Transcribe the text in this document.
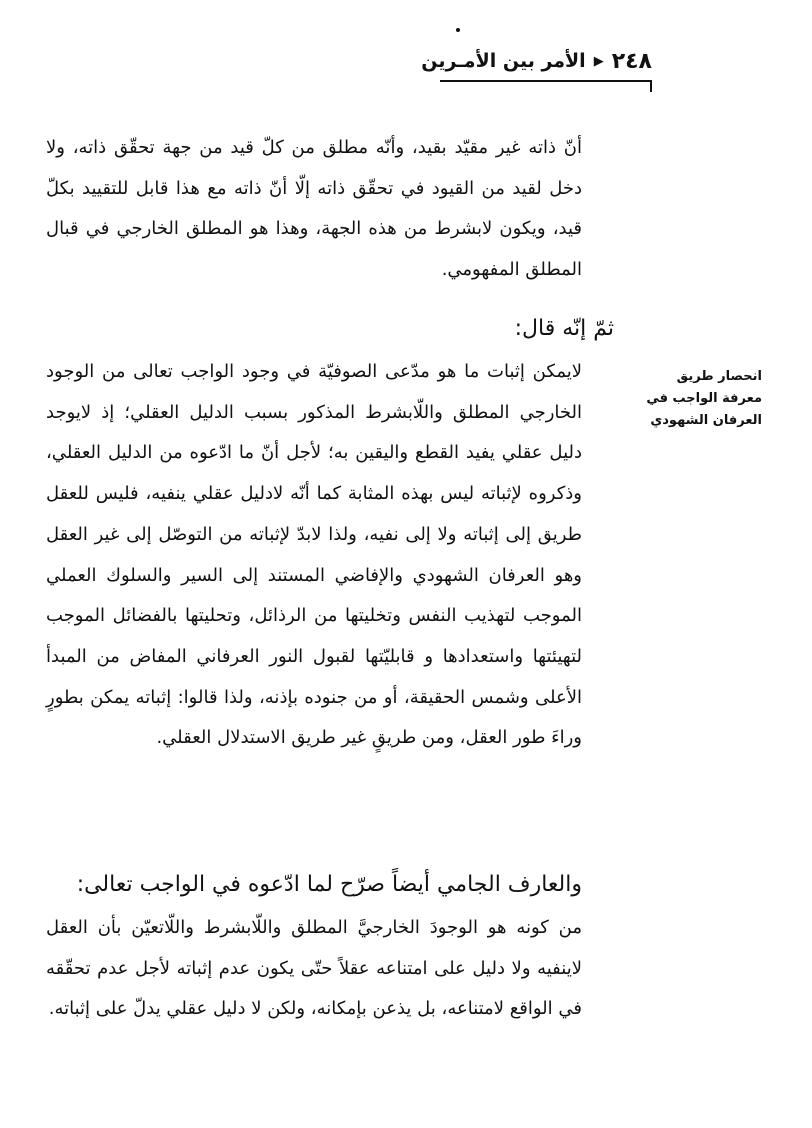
٢٤٨
▶
الأمر بين الأمـرين

أنّ ذاته غير مقيّد بقيد، وأنّه مطلق من كلّ قيد من جهة تحقّق ذاته، ولا دخل لقيد من القيود في تحقّق ذاته إلّا أنّ ذاته مع هذا قابل للتقييد بكلّ قيد، ويكون لابشرط من هذه الجهة، وهذا هو المطلق الخارجي في قبال المطلق المفهومي.

ثمّ إنّه قال:

انحصار طريق

معرفة الواجب في

العرفان الشهودي

لايمكن إثبات ما هو مدّعى الصوفيّة في وجود الواجب تعالى من الوجود الخارجي المطلق واللّابشرط المذكور بسبب الدليل العقلي؛ إذ لايوجد دليل عقلي يفيد القطع واليقين به؛ لأجل أنّ ما ادّعوه من الدليل العقلي، وذكروه لإثباته ليس بهذه المثابة كما أنّه لادليل عقلي ينفيه، فليس للعقل طريق إلى إثباته ولا إلى نفيه، ولذا لابدّ لإثباته من التوصّل إلى غير العقل وهو العرفان الشهودي والإفاضي المستند إلى السير والسلوك العملي الموجب لتهذيب النفس وتخليتها من الرذائل، وتحليتها بالفضائل الموجب لتهيئتها واستعدادها و قابليّتها لقبول النور العرفاني المفاض من المبدأ الأعلى وشمس الحقيقة، أو من جنوده بإذنه، ولذا قالوا: إثباته يمكن بطورٍ وراءَ طور العقل، ومن طريقٍ غير طريق الاستدلال العقلي.

والعارف الجامي أيضاً صرّح لما ادّعوه في الواجب تعالى:

من كونه هو الوجودَ الخارجيَّ المطلق واللّابشرط واللّاتعيّن بأن العقل لاينفيه ولا دليل على امتناعه عقلاً حتّى يكون عدم إثباته لأجل عدم تحقّقه في الواقع لامتناعه، بل يذعن بإمكانه، ولكن لا دليل عقلي يدلّ على إثباته.
